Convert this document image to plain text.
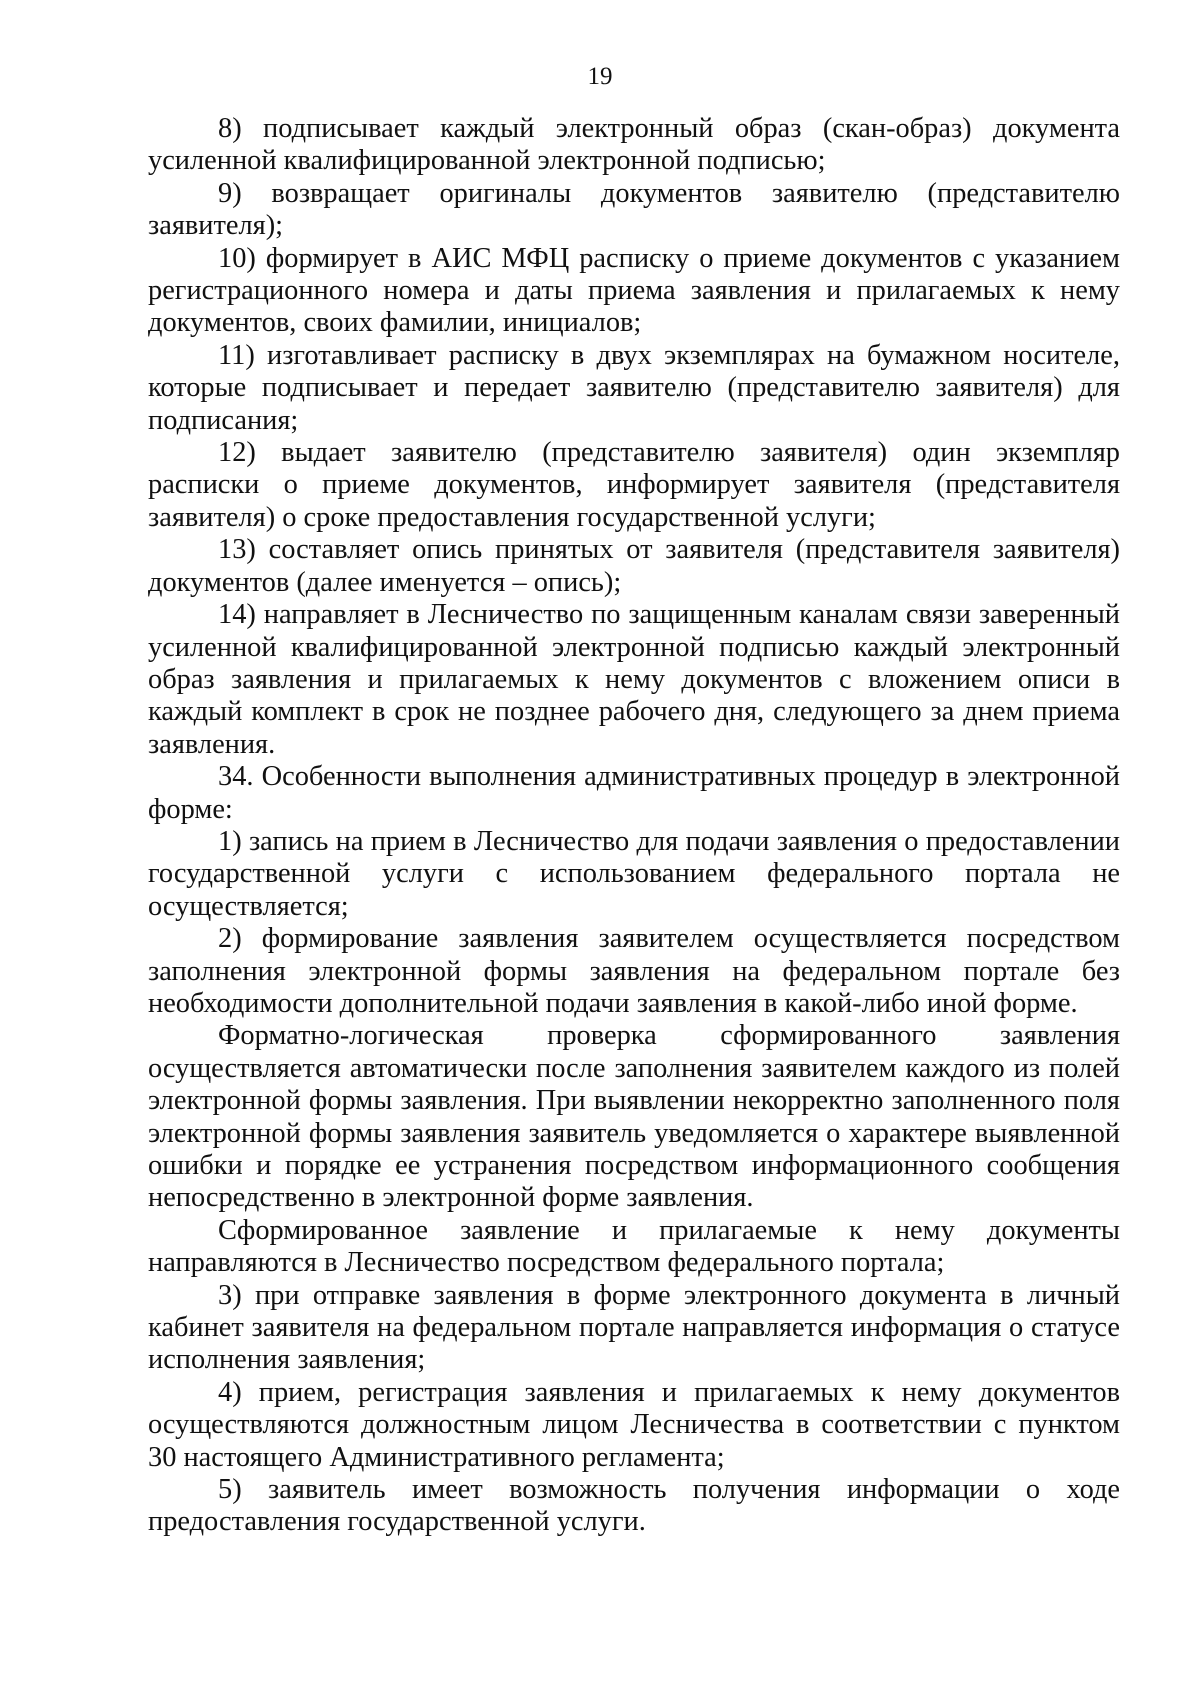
19

8) подписывает каждый электронный образ (скан-образ) документа усиленной квалифицированной электронной подписью;

9) возвращает оригиналы документов заявителю (представителю заявителя);

10) формирует в АИС МФЦ расписку о приеме документов с указанием регистрационного номера и даты приема заявления и прилагаемых к нему документов, своих фамилии, инициалов;

11) изготавливает расписку в двух экземплярах на бумажном носителе, которые подписывает и передает заявителю (представителю заявителя) для подписания;

12) выдает заявителю (представителю заявителя) один экземпляр расписки о приеме документов, информирует заявителя (представителя заявителя) о сроке предоставления государственной услуги;

13) составляет опись принятых от заявителя (представителя заявителя) документов (далее именуется – опись);

14) направляет в Лесничество по защищенным каналам связи заверенный усиленной квалифицированной электронной подписью каждый электронный образ заявления и прилагаемых к нему документов с вложением описи в каждый комплект в срок не позднее рабочего дня, следующего за днем приема заявления.

34. Особенности выполнения административных процедур в электронной форме:

1) запись на прием в Лесничество для подачи заявления о предоставлении государственной услуги с использованием федерального портала не осуществляется;

2) формирование заявления заявителем осуществляется посредством заполнения электронной формы заявления на федеральном портале без необходимости дополнительной подачи заявления в какой-либо иной форме.

Форматно-логическая проверка сформированного заявления осуществляется автоматически после заполнения заявителем каждого из полей электронной формы заявления. При выявлении некорректно заполненного поля электронной формы заявления заявитель уведомляется о характере выявленной ошибки и порядке ее устранения посредством информационного сообщения непосредственно в электронной форме заявления.

Сформированное заявление и прилагаемые к нему документы направляются в Лесничество посредством федерального портала;

3) при отправке заявления в форме электронного документа в личный кабинет заявителя на федеральном портале направляется информация о статусе исполнения заявления;

4) прием, регистрация заявления и прилагаемых к нему документов осуществляются должностным лицом Лесничества в соответствии с пунктом 30 настоящего Административного регламента;

5) заявитель имеет возможность получения информации о ходе предоставления государственной услуги.
